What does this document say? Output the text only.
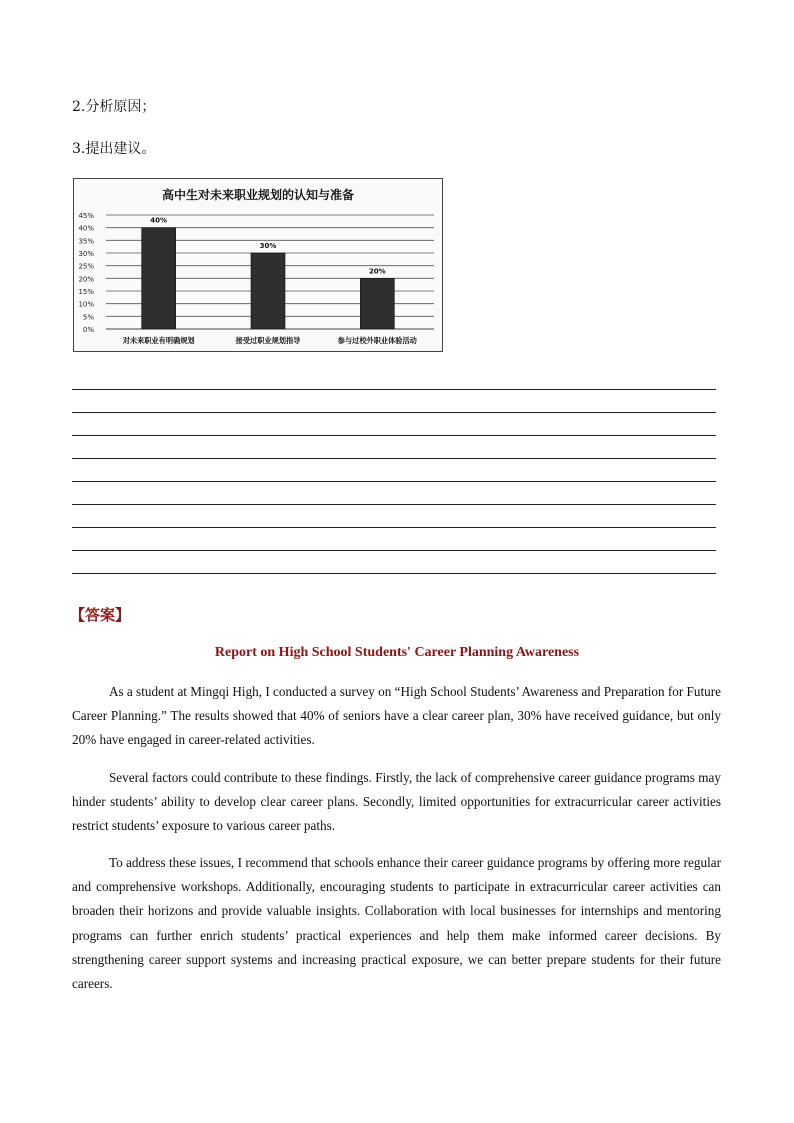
2.分析原因；

3.提出建议。

高中生对未来职业规划的认知与准备
0%
5%
10%
15%
20%
25%
30%
35%
40%
45%
40%
对未来职业有明确规划
30%
接受过职业规划指导
20%
参与过校外职业体验活动

【答案】

Report on High School Students' Career Planning Awareness

As a student at Mingqi High, I conducted a survey on “High School Students’ Awareness and Preparation for Future Career Planning.” The results showed that 40% of seniors have a clear career plan, 30% have received guidance, but only 20% have engaged in career-related activities.

Several factors could contribute to these findings. Firstly, the lack of comprehensive career guidance programs may hinder students’ ability to develop clear career plans. Secondly, limited opportunities for extracurricular career activities restrict students’ exposure to various career paths.

To address these issues, I recommend that schools enhance their career guidance programs by offering more regular and comprehensive workshops. Additionally, encouraging students to participate in extracurricular career activities can broaden their horizons and provide valuable insights. Collaboration with local businesses for internships and mentoring programs can further enrich students’ practical experiences and help them make informed career decisions. By strengthening career support systems and increasing practical exposure, we can better prepare students for their future careers.
